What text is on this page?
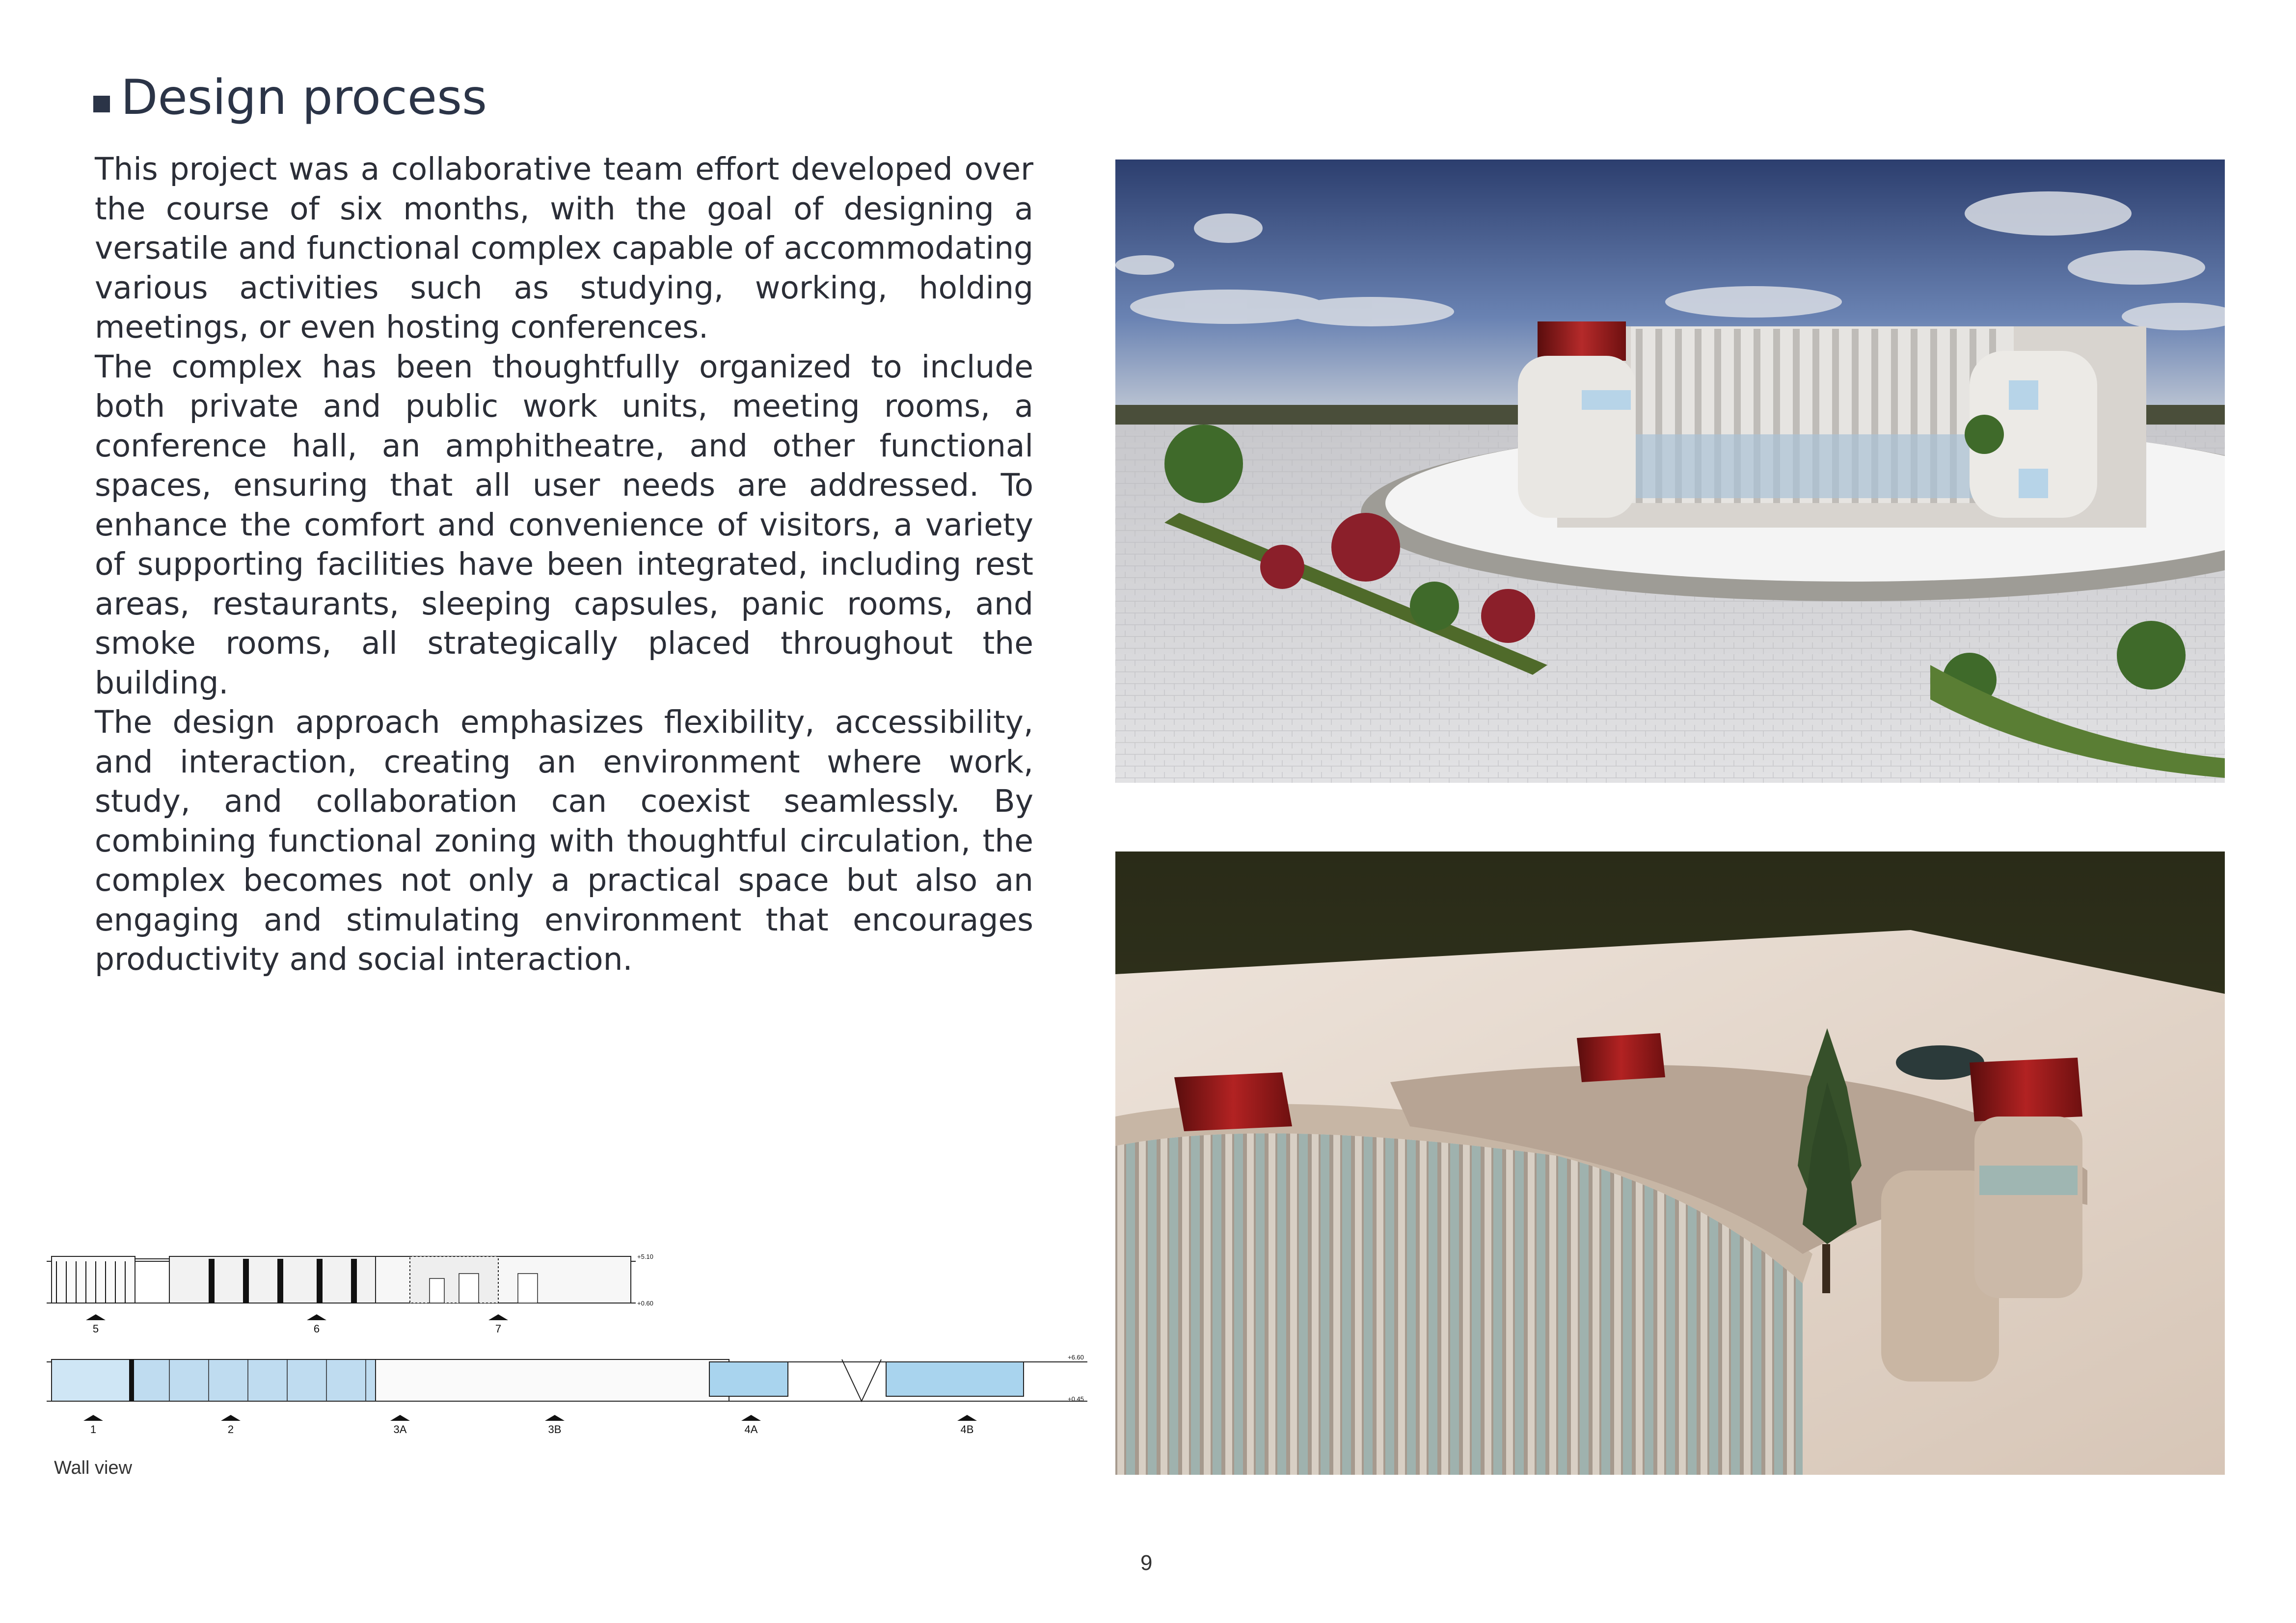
Design process

This project was a collaborative team effort developed over the course of six months, with the goal of designing a versatile and functional complex capable of accommodating various activities such as studying, working, holding meetings, or even hosting conferences.

The complex has been thoughtfully organized to include both private and public work units, meeting rooms, a conference hall, an amphitheatre, and other functional spaces, ensuring that all user needs are addressed. To enhance the comfort and convenience of visitors, a variety of supporting facilities have been integrated, including rest areas, restaurants, sleeping capsules, panic rooms, and smoke rooms, all strategically placed throughout the building.

The design approach emphasizes flexibility, accessibility, and interaction, creating an environment where work, study, and collaboration can coexist seamlessly. By combining functional zoning with thoughtful circulation, the complex becomes not only a practical space but also an engaging and stimulating environment that encourages productivity and social interaction.

5	6	7
1	2	3A	3B	4A	4B
+5.10
+0.60
+6.60
+0.45
Wall view
9
